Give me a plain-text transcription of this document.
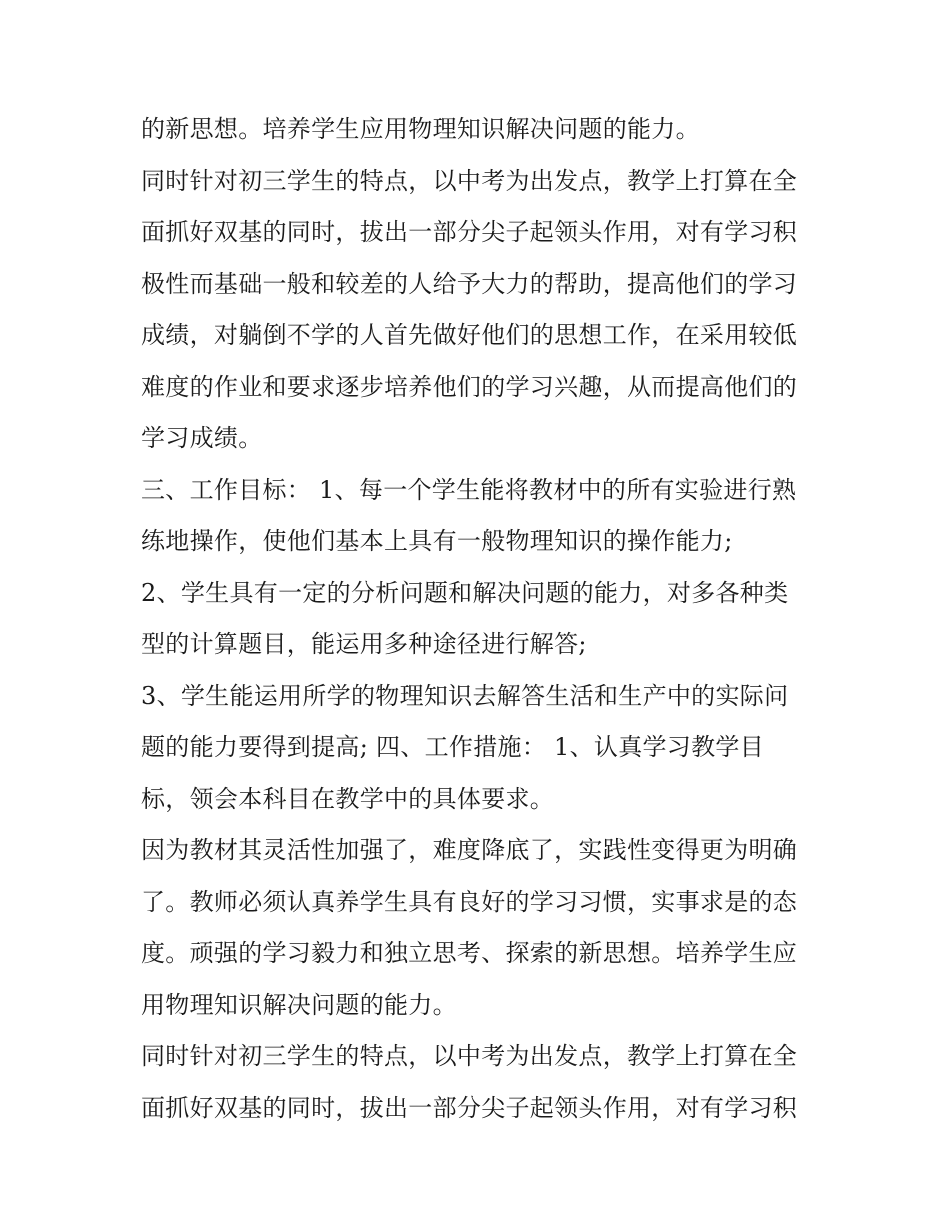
的新思想。培养学生应用物理知识解决问题的能力。
同时针对初三学生的特点，以中考为出发点，教学上打算在全
面抓好双基的同时，拔出一部分尖子起领头作用，对有学习积
极性而基础一般和较差的人给予大力的帮助，提高他们的学习
成绩，对躺倒不学的人首先做好他们的思想工作，在采用较低
难度的作业和要求逐步培养他们的学习兴趣，从而提高他们的
学习成绩。
三、工作目标： 1、每一个学生能将教材中的所有实验进行熟
练地操作，使他们基本上具有一般物理知识的操作能力;
2、学生具有一定的分析问题和解决问题的能力，对多各种类
型的计算题目，能运用多种途径进行解答;
3、学生能运用所学的物理知识去解答生活和生产中的实际问
题的能力要得到提高; 四、工作措施： 1、认真学习教学目
标，领会本科目在教学中的具体要求。
因为教材其灵活性加强了，难度降底了，实践性变得更为明确
了。教师必须认真养学生具有良好的学习习惯，实事求是的态
度。顽强的学习毅力和独立思考、探索的新思想。培养学生应
用物理知识解决问题的能力。
同时针对初三学生的特点，以中考为出发点，教学上打算在全
面抓好双基的同时，拔出一部分尖子起领头作用，对有学习积
